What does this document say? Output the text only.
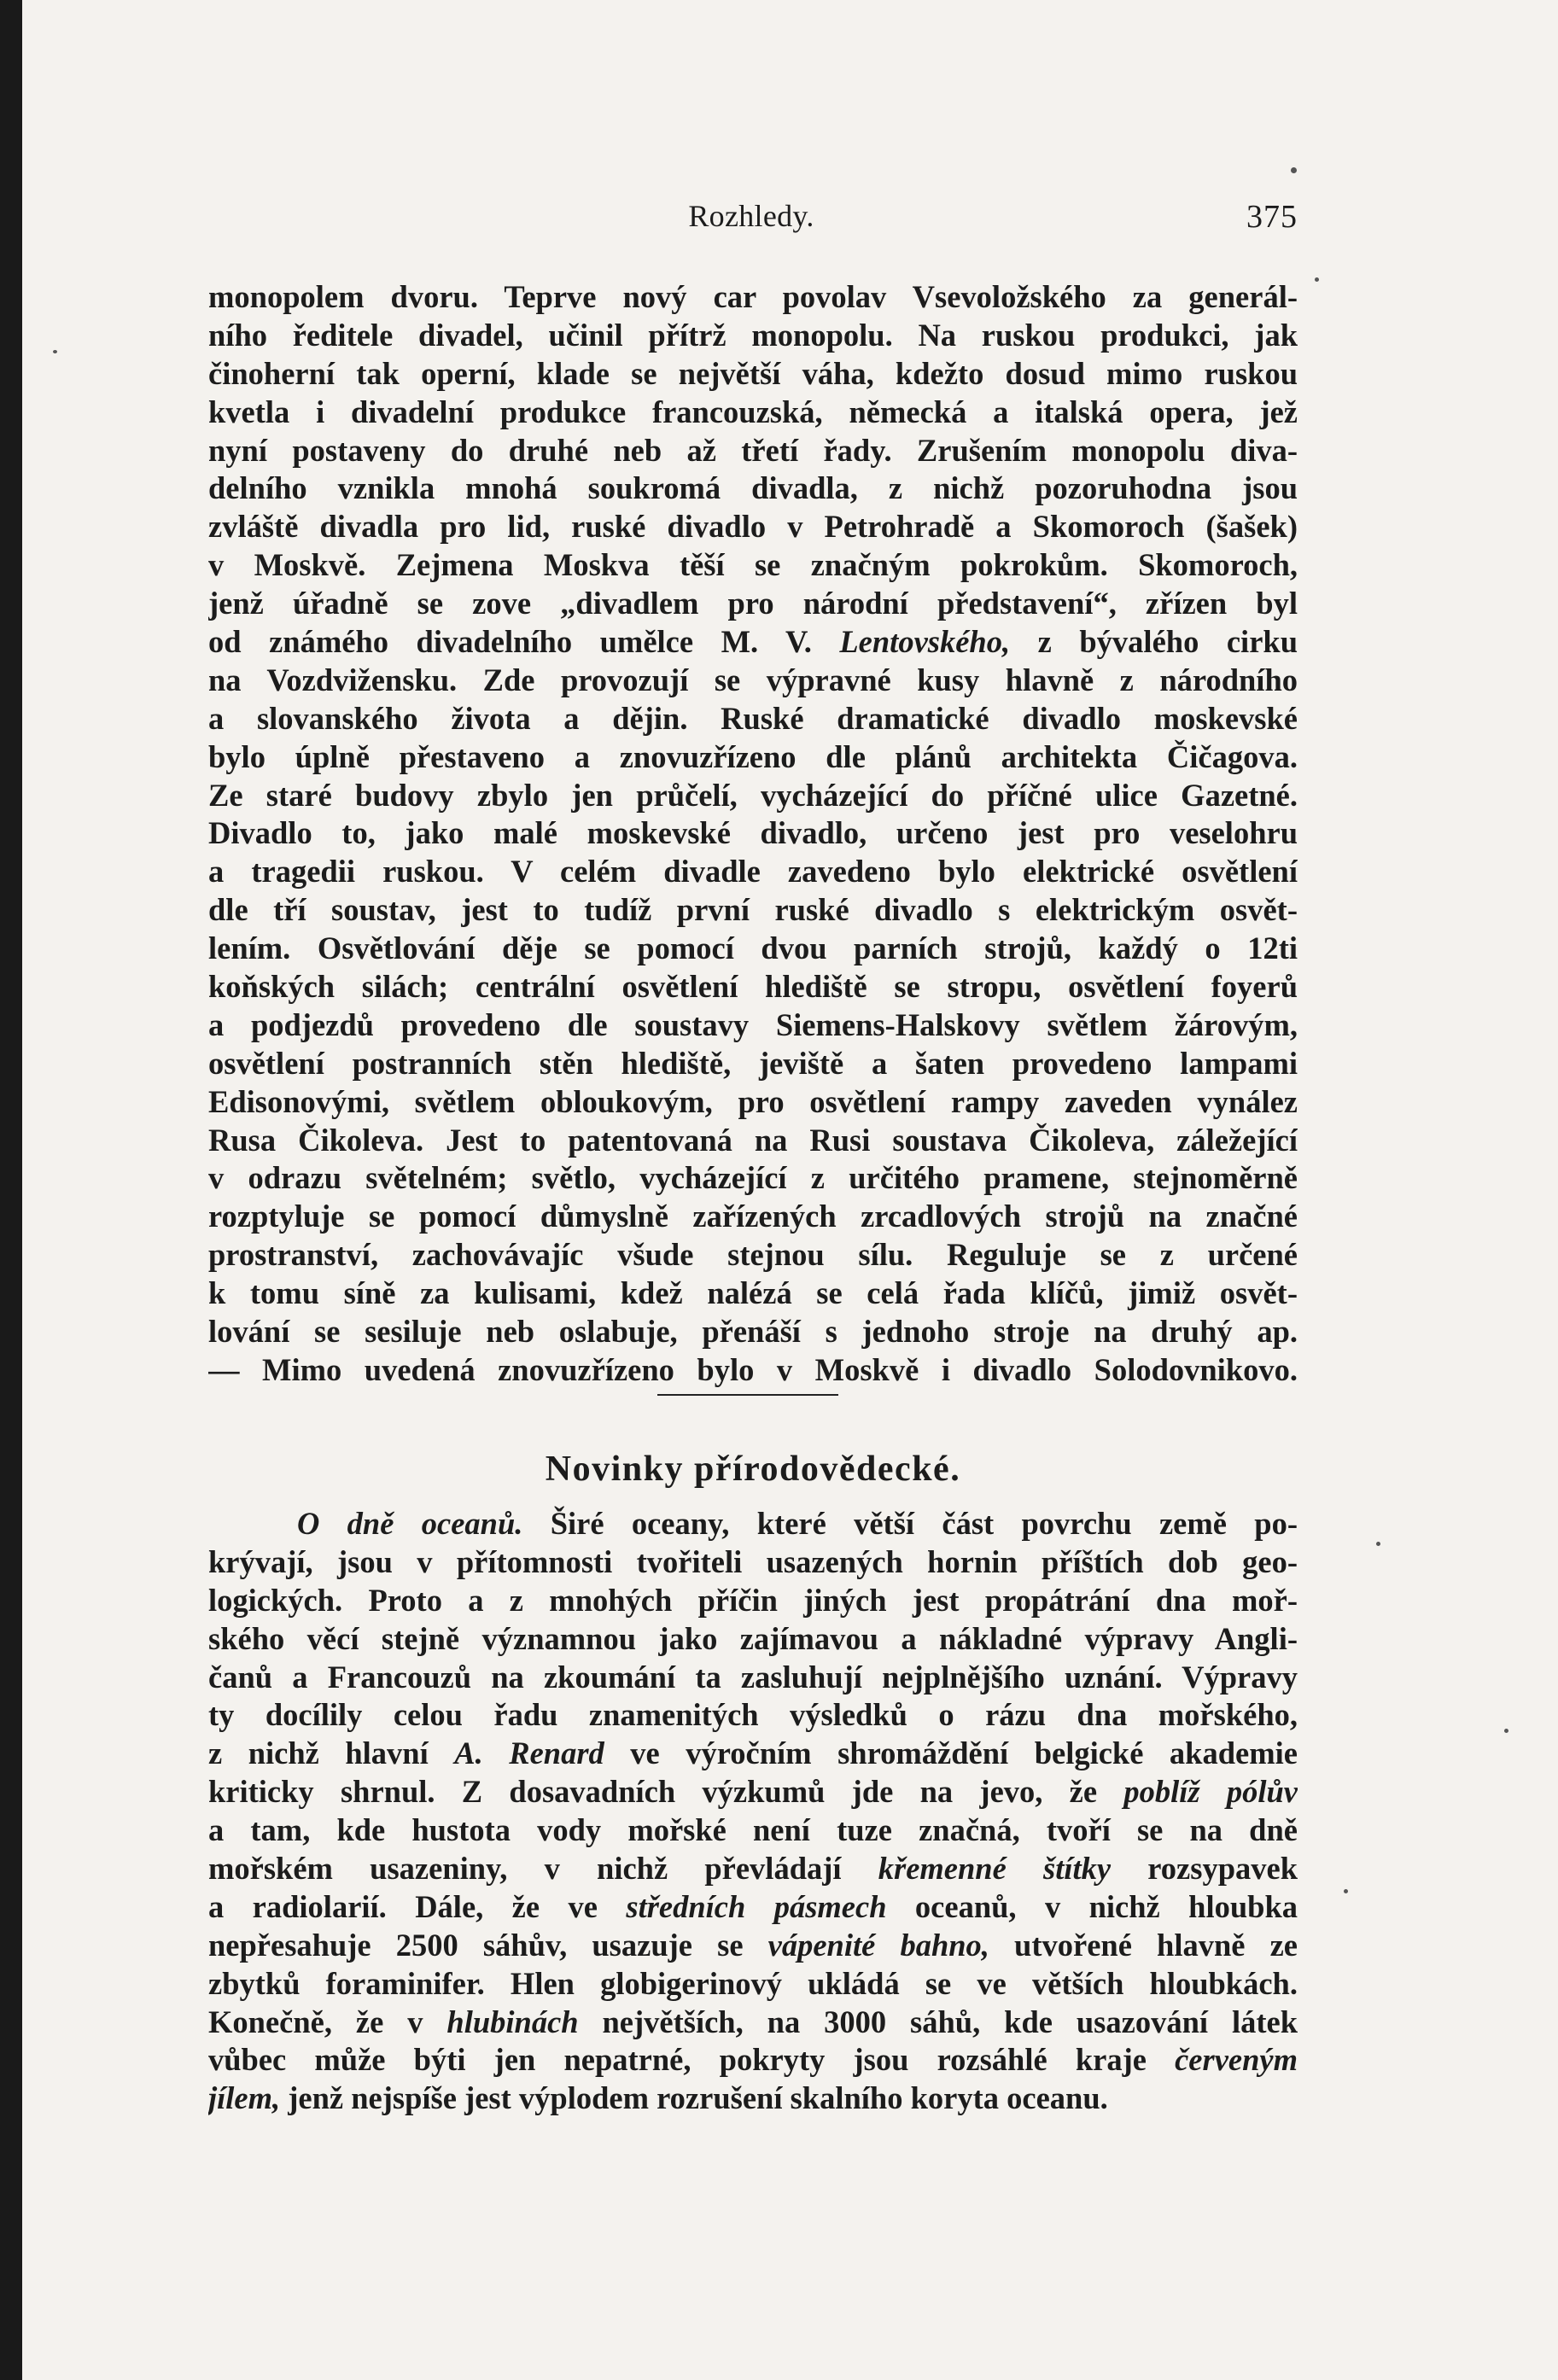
Rozhledy.	375
monopolem dvoru. Teprve nový car povolav Vsevoložského za generál-
ního ředitele divadel, učinil přítrž monopolu. Na ruskou produkci, jak
činoherní tak operní, klade se největší váha, kdežto dosud mimo ruskou
kvetla i divadelní produkce francouzská, německá a italská opera, jež
nyní postaveny do druhé neb až třetí řady. Zrušením monopolu diva-
delního vznikla mnohá soukromá divadla, z nichž pozoruhodna jsou
zvláště divadla pro lid, ruské divadlo v Petrohradě a Skomoroch (šašek)
v Moskvě. Zejmena Moskva těší se značným pokrokům. Skomoroch,
jenž úřadně se zove „divadlem pro národní představení“, zřízen byl
od známého divadelního umělce M. V. Lentovského, z bývalého cirku
na Vozdvižensku. Zde provozují se výpravné kusy hlavně z národního
a slovanského života a dějin. Ruské dramatické divadlo moskevské
bylo úplně přestaveno a znovuzřízeno dle plánů architekta Čičagova.
Ze staré budovy zbylo jen průčelí, vycházející do příčné ulice Gazetné.
Divadlo to, jako malé moskevské divadlo, určeno jest pro veselohru
a tragedii ruskou. V celém divadle zavedeno bylo elektrické osvětlení
dle tří soustav, jest to tudíž první ruské divadlo s elektrickým osvět-
lením. Osvětlování děje se pomocí dvou parních strojů, každý o 12ti
koňských silách; centrální osvětlení hlediště se stropu, osvětlení foyerů
a podjezdů provedeno dle soustavy Siemens-Halskovy světlem žárovým,
osvětlení postranních stěn hlediště, jeviště a šaten provedeno lampami
Edisonovými, světlem obloukovým, pro osvětlení rampy zaveden vynález
Rusa Čikoleva. Jest to patentovaná na Rusi soustava Čikoleva, záležející
v odrazu světelném; světlo, vycházející z určitého pramene, stejnoměrně
rozptyluje se pomocí důmyslně zařízených zrcadlových strojů na značné
prostranství, zachovávajíc všude stejnou sílu. Reguluje se z určené
k tomu síně za kulisami, kdež nalézá se celá řada klíčů, jimiž osvět-
lování se sesiluje neb oslabuje, přenáší s jednoho stroje na druhý ap.
— Mimo uvedená znovuzřízeno bylo v Moskvě i divadlo Solodovnikovo.
Novinky přírodovědecké.
O dně oceanů. Širé oceany, které větší část povrchu země po-
krývají, jsou v přítomnosti tvořiteli usazených hornin příštích dob geo-
logických. Proto a z mnohých příčin jiných jest propátrání dna moř-
ského věcí stejně významnou jako zajímavou a nákladné výpravy Angli-
čanů a Francouzů na zkoumání ta zasluhují nejplnějšího uznání. Výpravy
ty docílily celou řadu znamenitých výsledků o rázu dna mořského,
z nichž hlavní A. Renard ve výročním shromáždění belgické akademie
kriticky shrnul. Z dosavadních výzkumů jde na jevo, že poblíž pólův
a tam, kde hustota vody mořské není tuze značná, tvoří se na dně
mořském usazeniny, v nichž převládají křemenné štítky rozsypavek
a radiolarií. Dále, že ve středních pásmech oceanů, v nichž hloubka
nepřesahuje 2500 sáhův, usazuje se vápenité bahno, utvořené hlavně ze
zbytků foraminifer. Hlen globigerinový ukládá se ve větších hloubkách.
Konečně, že v hlubinách největších, na 3000 sáhů, kde usazování látek
vůbec může býti jen nepatrné, pokryty jsou rozsáhlé kraje červeným
jílem, jenž nejspíše jest výplodem rozrušení skalního koryta oceanu.
